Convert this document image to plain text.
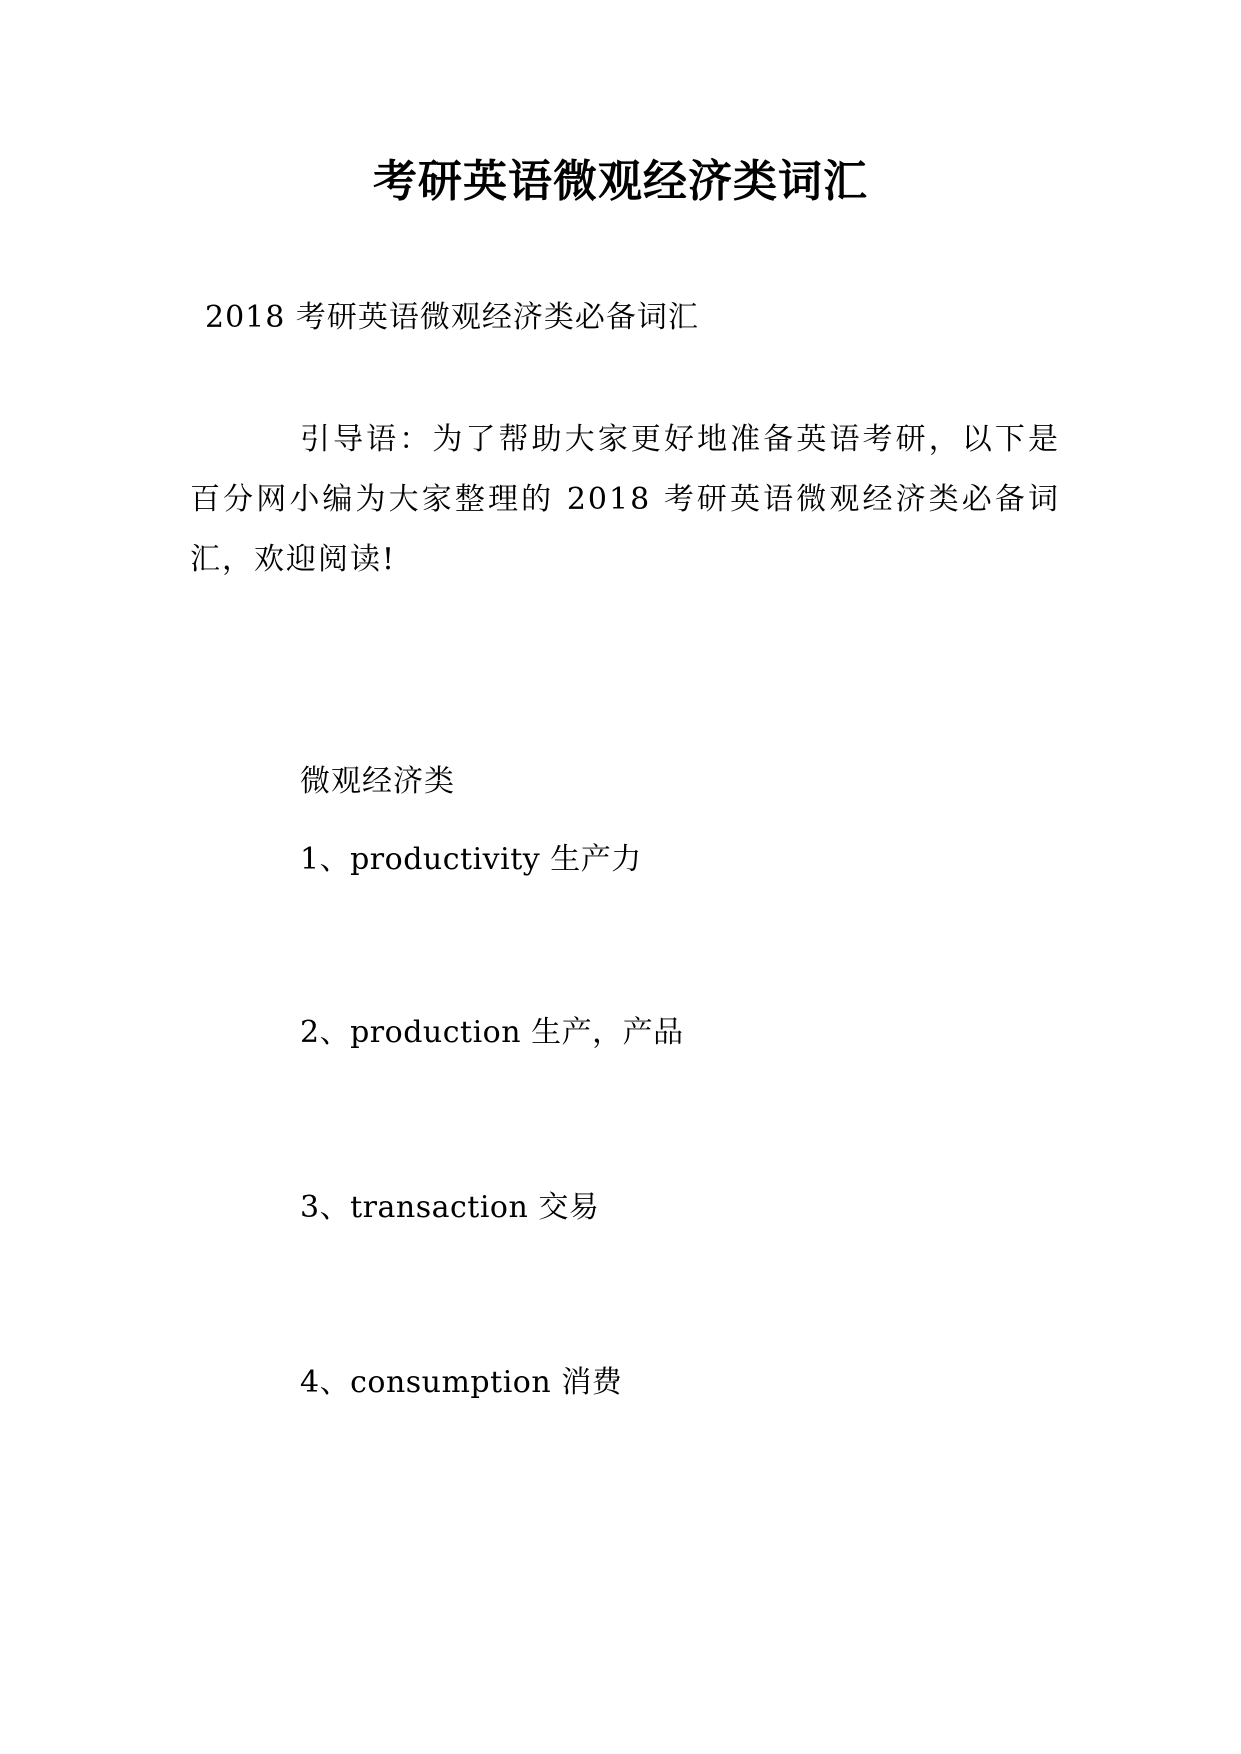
考研英语微观经济类词汇

2018 考研英语微观经济类必备词汇

引导语：为了帮助大家更好地准备英语考研，以下是百分网小编为大家整理的 2018 考研英语微观经济类必备词汇，欢迎阅读!

微观经济类

1、productivity 生产力

2、production 生产，产品

3、transaction 交易

4、consumption 消费
